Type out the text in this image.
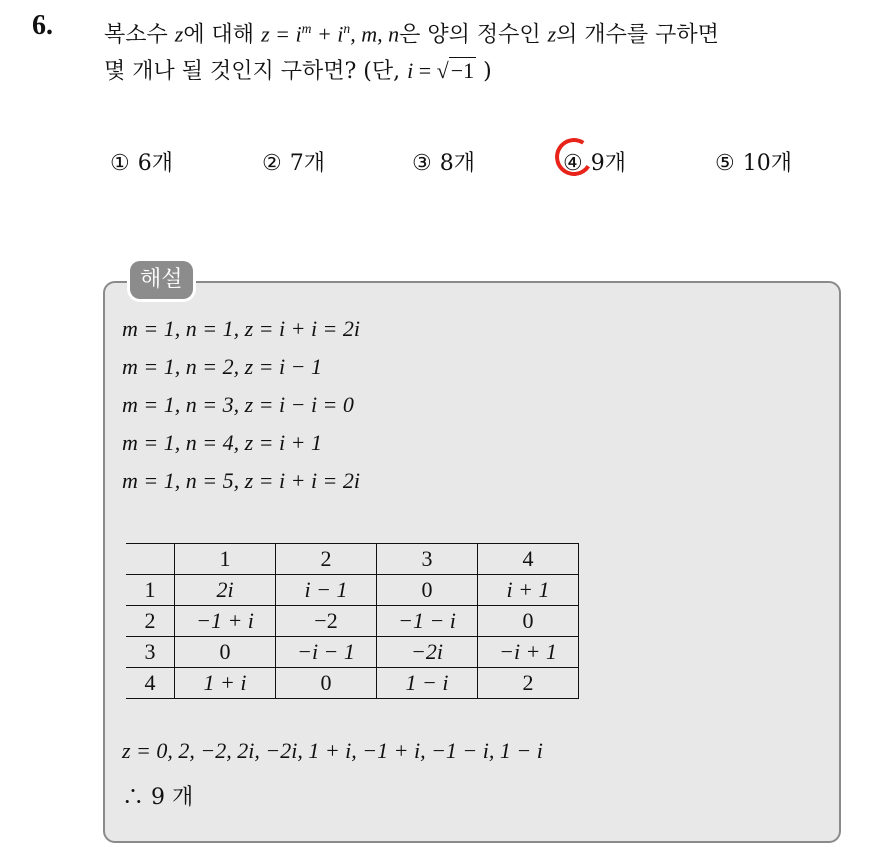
6. 복소수 z에 대해 $z = i^m + i^n$, m, n은 양의 정수인 z의 개수를 구하면
몇 개나 될 것인지 구하면? (단, i = √−1 )
① 6개	② 7개	③ 8개	④ 9개	⑤ 10개
해설
m = 1, n = 1, z = i + i = 2i
m = 1, n = 2, z = i − 1
m = 1, n = 3, z = i − i = 0
m = 1, n = 4, z = i + 1
m = 1, n = 5, z = i + i = 2i
	1	2	3	4
1	2i	i − 1	0	i + 1
2	−1 + i	−2	−1 − i	0
3	0	−i − 1	−2i	−i + 1
4	1 + i	0	1 − i	2
z = 0, 2, −2, 2i, −2i, 1 + i, −1 + i, −1 − i, 1 − i
∴ 9 개
